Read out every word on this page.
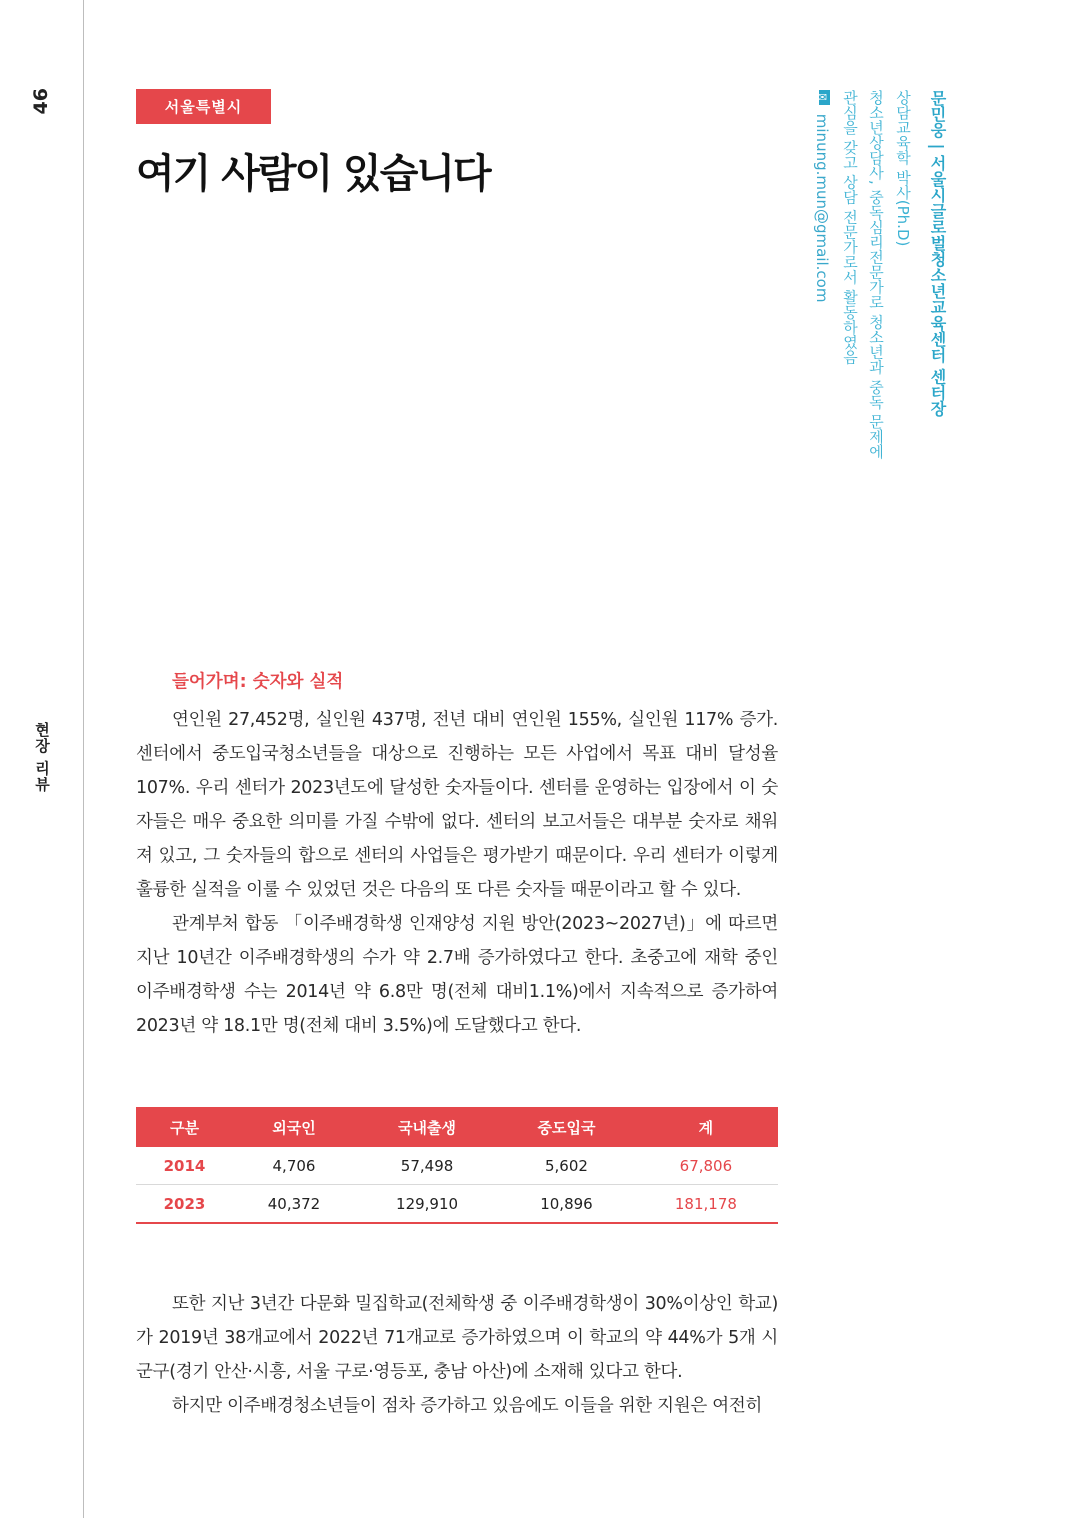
46
현장 리뷰
서울특별시
여기 사람이 있습니다	문민웅 | 서울시글로벌청소년교육센터 센터장
상담교육학 박사(Ph.D)
청소년상담사, 중독심리전문가로 청소년과 중독 문제에
관심을 갖고 상담 전문가로서 활동하였음
✉ minung.mun@gmail.com
들어가며: 숫자와 실적

연인원 27,452명, 실인원 437명, 전년 대비 연인원 155%, 실인원 117% 증가. 센터에서 중도입국청소년들을 대상으로 진행하는 모든 사업에서 목표 대비 달성율 107%. 우리 센터가 2023년도에 달성한 숫자들이다. 센터를 운영하는 입장에서 이 숫자들은 매우 중요한 의미를 가질 수밖에 없다. 센터의 보고서들은 대부분 숫자로 채워져 있고, 그 숫자들의 합으로 센터의 사업들은 평가받기 때문이다. 우리 센터가 이렇게 훌륭한 실적을 이룰 수 있었던 것은 다음의 또 다른 숫자들 때문이라고 할 수 있다.

관계부처 합동 「이주배경학생 인재양성 지원 방안(2023~2027년)」에 따르면 지난 10년간 이주배경학생의 수가 약 2.7배 증가하였다고 한다. 초중고에 재학 중인 이주배경학생 수는 2014년 약 6.8만 명(전체 대비1.1%)에서 지속적으로 증가하여 2023년 약 18.1만 명(전체 대비 3.5%)에 도달했다고 한다.

구분	외국인	국내출생	중도입국	계
2014	4,706	57,498	5,602	67,806
2023	40,372	129,910	10,896	181,178

또한 지난 3년간 다문화 밀집학교(전체학생 중 이주배경학생이 30%이상인 학교)가 2019년 38개교에서 2022년 71개교로 증가하였으며 이 학교의 약 44%가 5개 시군구(경기 안산·시흥, 서울 구로·영등포, 충남 아산)에 소재해 있다고 한다.

하지만 이주배경청소년들이 점차 증가하고 있음에도 이들을 위한 지원은 여전히
